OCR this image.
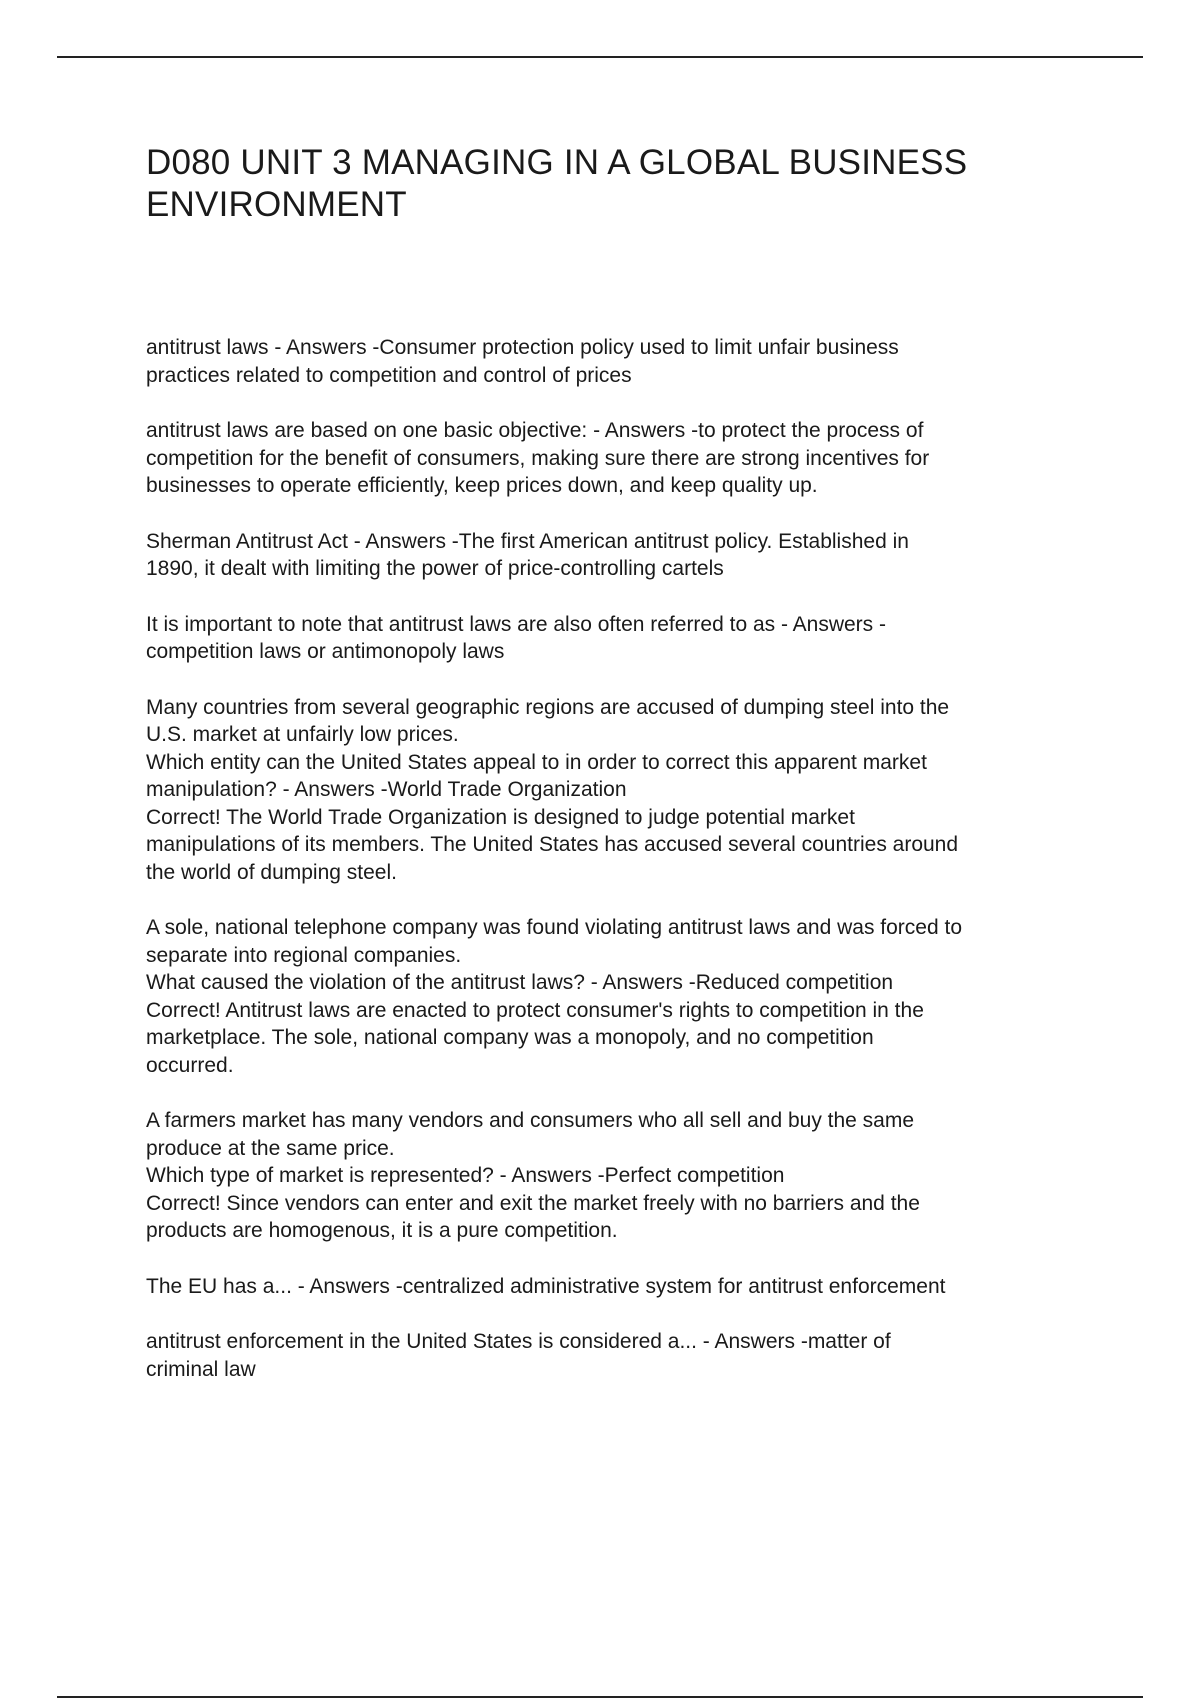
D080 UNIT 3 MANAGING IN A GLOBAL BUSINESS
ENVIRONMENT
antitrust laws - Answers -Consumer protection policy used to limit unfair business
practices related to competition and control of prices
antitrust laws are based on one basic objective: - Answers -to protect the process of
competition for the benefit of consumers, making sure there are strong incentives for
businesses to operate efficiently, keep prices down, and keep quality up.
Sherman Antitrust Act - Answers -The first American antitrust policy. Established in
1890, it dealt with limiting the power of price-controlling cartels
It is important to note that antitrust laws are also often referred to as - Answers -
competition laws or antimonopoly laws
Many countries from several geographic regions are accused of dumping steel into the
U.S. market at unfairly low prices.
Which entity can the United States appeal to in order to correct this apparent market
manipulation? - Answers -World Trade Organization
Correct! The World Trade Organization is designed to judge potential market
manipulations of its members. The United States has accused several countries around
the world of dumping steel.
A sole, national telephone company was found violating antitrust laws and was forced to
separate into regional companies.
What caused the violation of the antitrust laws? - Answers -Reduced competition
Correct! Antitrust laws are enacted to protect consumer's rights to competition in the
marketplace. The sole, national company was a monopoly, and no competition
occurred.
A farmers market has many vendors and consumers who all sell and buy the same
produce at the same price.
Which type of market is represented? - Answers -Perfect competition
Correct! Since vendors can enter and exit the market freely with no barriers and the
products are homogenous, it is a pure competition.
The EU has a... - Answers -centralized administrative system for antitrust enforcement
antitrust enforcement in the United States is considered a... - Answers -matter of
criminal law
